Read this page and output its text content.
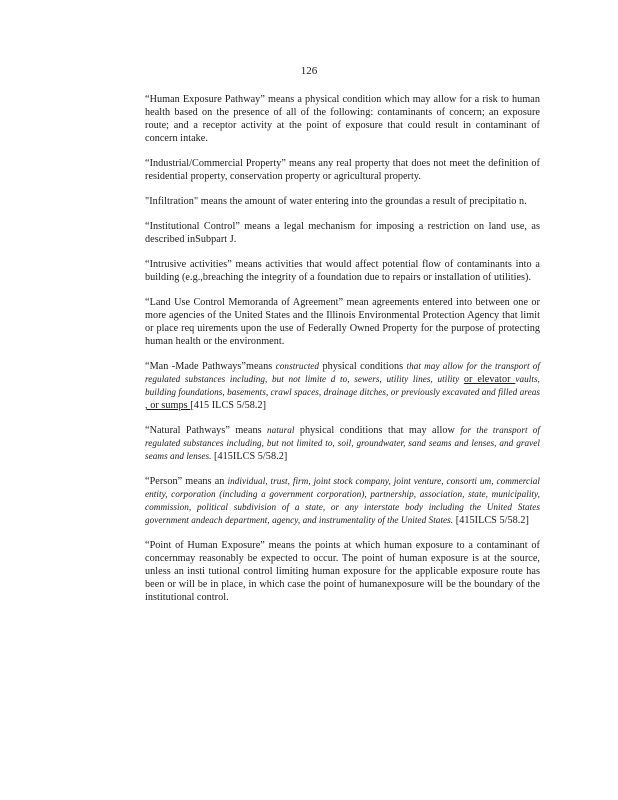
126

“Human Exposure Pathway” means a physical condition which may allow for a risk to human health based on the presence of all of the following: contaminants of concern; an exposure route; and a receptor activity at the point of exposure that could result in contaminant of concern intake.

“Industrial/Commercial Property” means any real property that does not meet the definition of residential property, conservation property or agricultural property.

"Infiltration" means the amount of water entering into the groundas a result of precipitatio n.

“Institutional Control” means a legal mechanism for imposing a restriction on land use, as described inSubpart J.

“Intrusive activities” means activities that would affect potential flow of contaminants into a building (e.g.,breaching the integrity of a foundation due to repairs or installation of utilities).

“Land Use Control Memoranda of Agreement” mean agreements entered into between one or more agencies of the United States and the Illinois Environmental Protection Agency that limit or place req uirements upon the use of Federally Owned Property for the purpose of protecting human health or the environment.

“Man -Made Pathways”means constructed physical conditions that may allow for the transport of regulated substances including, but not limite d to, sewers, utility lines, utility or elevator vaults, building foundations, basements, crawl spaces, drainage ditches, or previously excavated and filled areas , or sumps [415 ILCS 5/58.2]

“Natural Pathways” means natural physical conditions that may allow for the transport of regulated substances including, but not limited to, soil, groundwater, sand seams and lenses, and gravel seams and lenses. [415ILCS 5/58.2]

“Person” means an individual, trust, firm, joint stock company, joint venture, consorti um, commercial entity, corporation (including a government corporation), partnership, association, state, municipality, commission, political subdivision of a state, or any interstate body including the United States government andeach department, agency, and instrumentality of the United States. [415ILCS 5/58.2]

“Point of Human Exposure” means the points at which human exposure to a contaminant of concernmay reasonably be expected to occur. The point of human exposure is at the source, unless an insti tutional control limiting human exposure for the applicable exposure route has been or will be in place, in which case the point of humanexposure will be the boundary of the institutional control.
